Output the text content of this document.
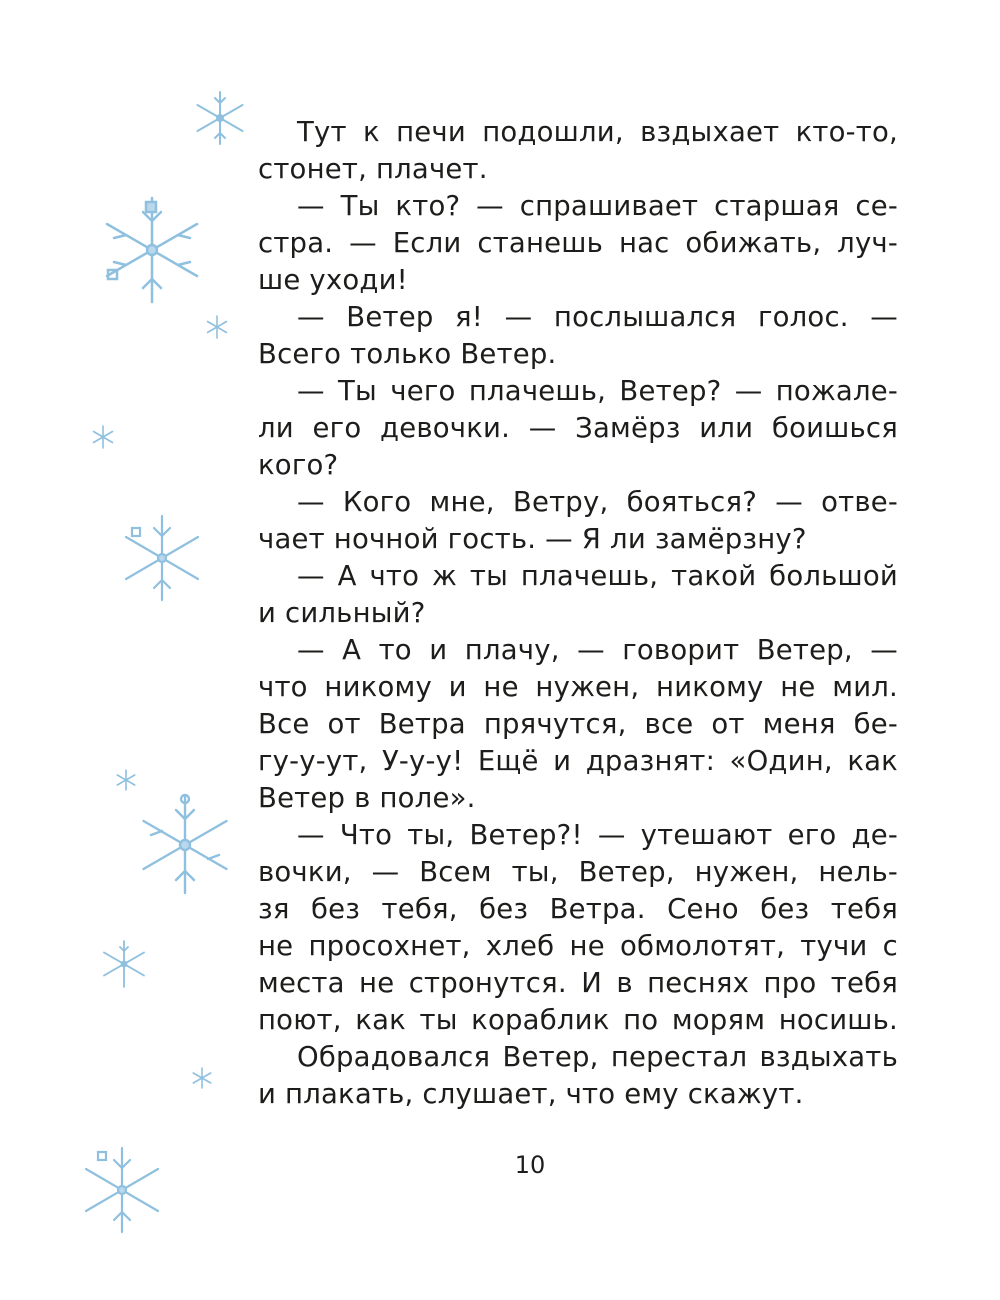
Тут к печи подошли, вздыхает кто-то,
стонет, плачет.
— Ты кто? — спрашивает старшая се-
стра. — Если станешь нас обижать, луч-
ше уходи!
— Ветер я! — послышался голос. —
Всего только Ветер.
— Ты чего плачешь, Ветер? — пожале-
ли его девочки. — Замёрз или боишься
кого?
— Кого мне, Ветру, бояться? — отве-
чает ночной гость. — Я ли замёрзну?
— А что ж ты плачешь, такой большой
и сильный?
— А то и плачу, — говорит Ветер, —
что никому и не нужен, никому не мил.
Все от Ветра прячутся, все от меня бе-
гу-у-ут, У-у-у! Ещё и дразнят: «Один, как
Ветер в поле».
— Что ты, Ветер?! — утешают его де-
вочки, — Всем ты, Ветер, нужен, нель-
зя без тебя, без Ветра. Сено без тебя
не просохнет, хлеб не обмолотят, тучи с
места не стронутся. И в песнях про тебя
поют, как ты кораблик по морям носишь.
Обрадовался Ветер, перестал вздыхать
и плакать, слушает, что ему скажут.
10
